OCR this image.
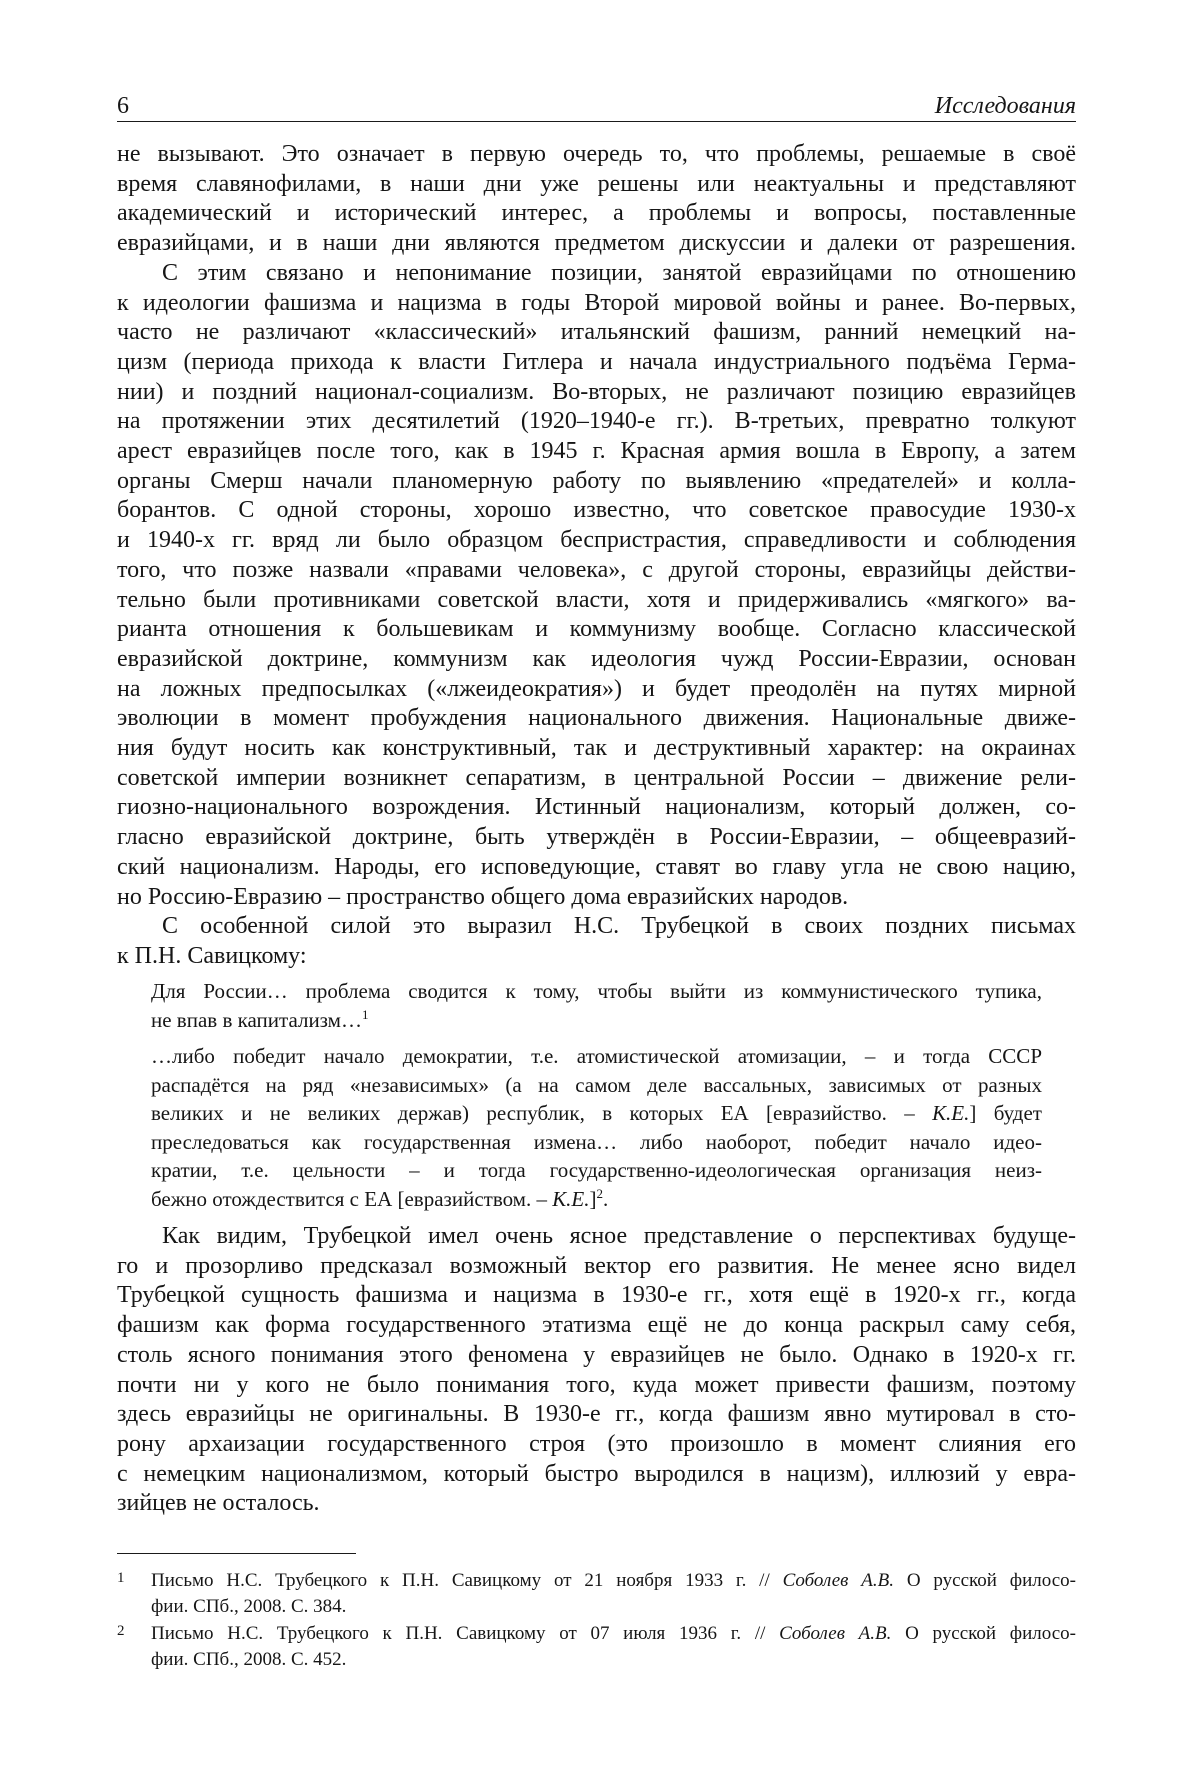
6	Исследования
не вызывают. Это означает в первую очередь то, что проблемы, решаемые в своё
время славянофилами, в наши дни уже решены или неактуальны и представляют
академический и исторический интерес, а проблемы и вопросы, поставленные
евразийцами, и в наши дни являются предметом дискуссии и далеки от разрешения.
С этим связано и непонимание позиции, занятой евразийцами по отношению
к идеологии фашизма и нацизма в годы Второй мировой войны и ранее. Во-первых,
часто не различают «классический» итальянский фашизм, ранний немецкий на-
цизм (периода прихода к власти Гитлера и начала индустриального подъёма Герма-
нии) и поздний национал-социализм. Во-вторых, не различают позицию евразийцев
на протяжении этих десятилетий (1920–1940-е гг.). В-третьих, превратно толкуют
арест евразийцев после того, как в 1945 г. Красная армия вошла в Европу, а затем
органы Смерш начали планомерную работу по выявлению «предателей» и колла-
борантов. С одной стороны, хорошо известно, что советское правосудие 1930-х
и 1940-х гг. вряд ли было образцом беспристрастия, справедливости и соблюдения
того, что позже назвали «правами человека», с другой стороны, евразийцы действи-
тельно были противниками советской власти, хотя и придерживались «мягкого» ва-
рианта отношения к большевикам и коммунизму вообще. Согласно классической
евразийской доктрине, коммунизм как идеология чужд России-Евразии, основан
на ложных предпосылках («лжеидеократия») и будет преодолён на путях мирной
эволюции в момент пробуждения национального движения. Национальные движе-
ния будут носить как конструктивный, так и деструктивный характер: на окраинах
советской империи возникнет сепаратизм, в центральной России – движение рели-
гиозно-национального возрождения. Истинный национализм, который должен, со-
гласно евразийской доктрине, быть утверждён в России-Евразии, – общеевразий-
ский национализм. Народы, его исповедующие, ставят во главу угла не свою нацию,
но Россию-Евразию – пространство общего дома евразийских народов.
С особенной силой это выразил Н.С. Трубецкой в своих поздних письмах
к П.Н. Савицкому:
Для России… проблема сводится к тому, чтобы выйти из коммунистического тупика,
не впав в капитализм…$^1$
…либо победит начало демократии, т.е. атомистической атомизации, – и тогда СССР
распадётся на ряд «независимых» (а на самом деле вассальных, зависимых от разных
великих и не великих держав) республик, в которых ЕА [евразийство. – К.Е.] будет
преследоваться как государственная измена… либо наоборот, победит начало идео-
кратии, т.е. цельности – и тогда государственно-идеологическая организация неиз-
бежно отождествится с ЕА [евразийством. – К.Е.]$^2$.
Как видим, Трубецкой имел очень ясное представление о перспективах будуще-
го и прозорливо предсказал возможный вектор его развития. Не менее ясно видел
Трубецкой сущность фашизма и нацизма в 1930-е гг., хотя ещё в 1920-х гг., когда
фашизм как форма государственного этатизма ещё не до конца раскрыл саму себя,
столь ясного понимания этого феномена у евразийцев не было. Однако в 1920-х гг.
почти ни у кого не было понимания того, куда может привести фашизм, поэтому
здесь евразийцы не оригинальны. В 1930-е гг., когда фашизм явно мутировал в сто-
рону архаизации государственного строя (это произошло в момент слияния его
с немецким национализмом, который быстро выродился в нацизм), иллюзий у евра-
зийцев не осталось.
1 Письмо Н.С. Трубецкого к П.Н. Савицкому от 21 ноября 1933 г. // Соболев А.В. О русской филосо-
фии. СПб., 2008. С. 384.
2 Письмо Н.С. Трубецкого к П.Н. Савицкому от 07 июля 1936 г. // Соболев А.В. О русской филосо-
фии. СПб., 2008. С. 452.
